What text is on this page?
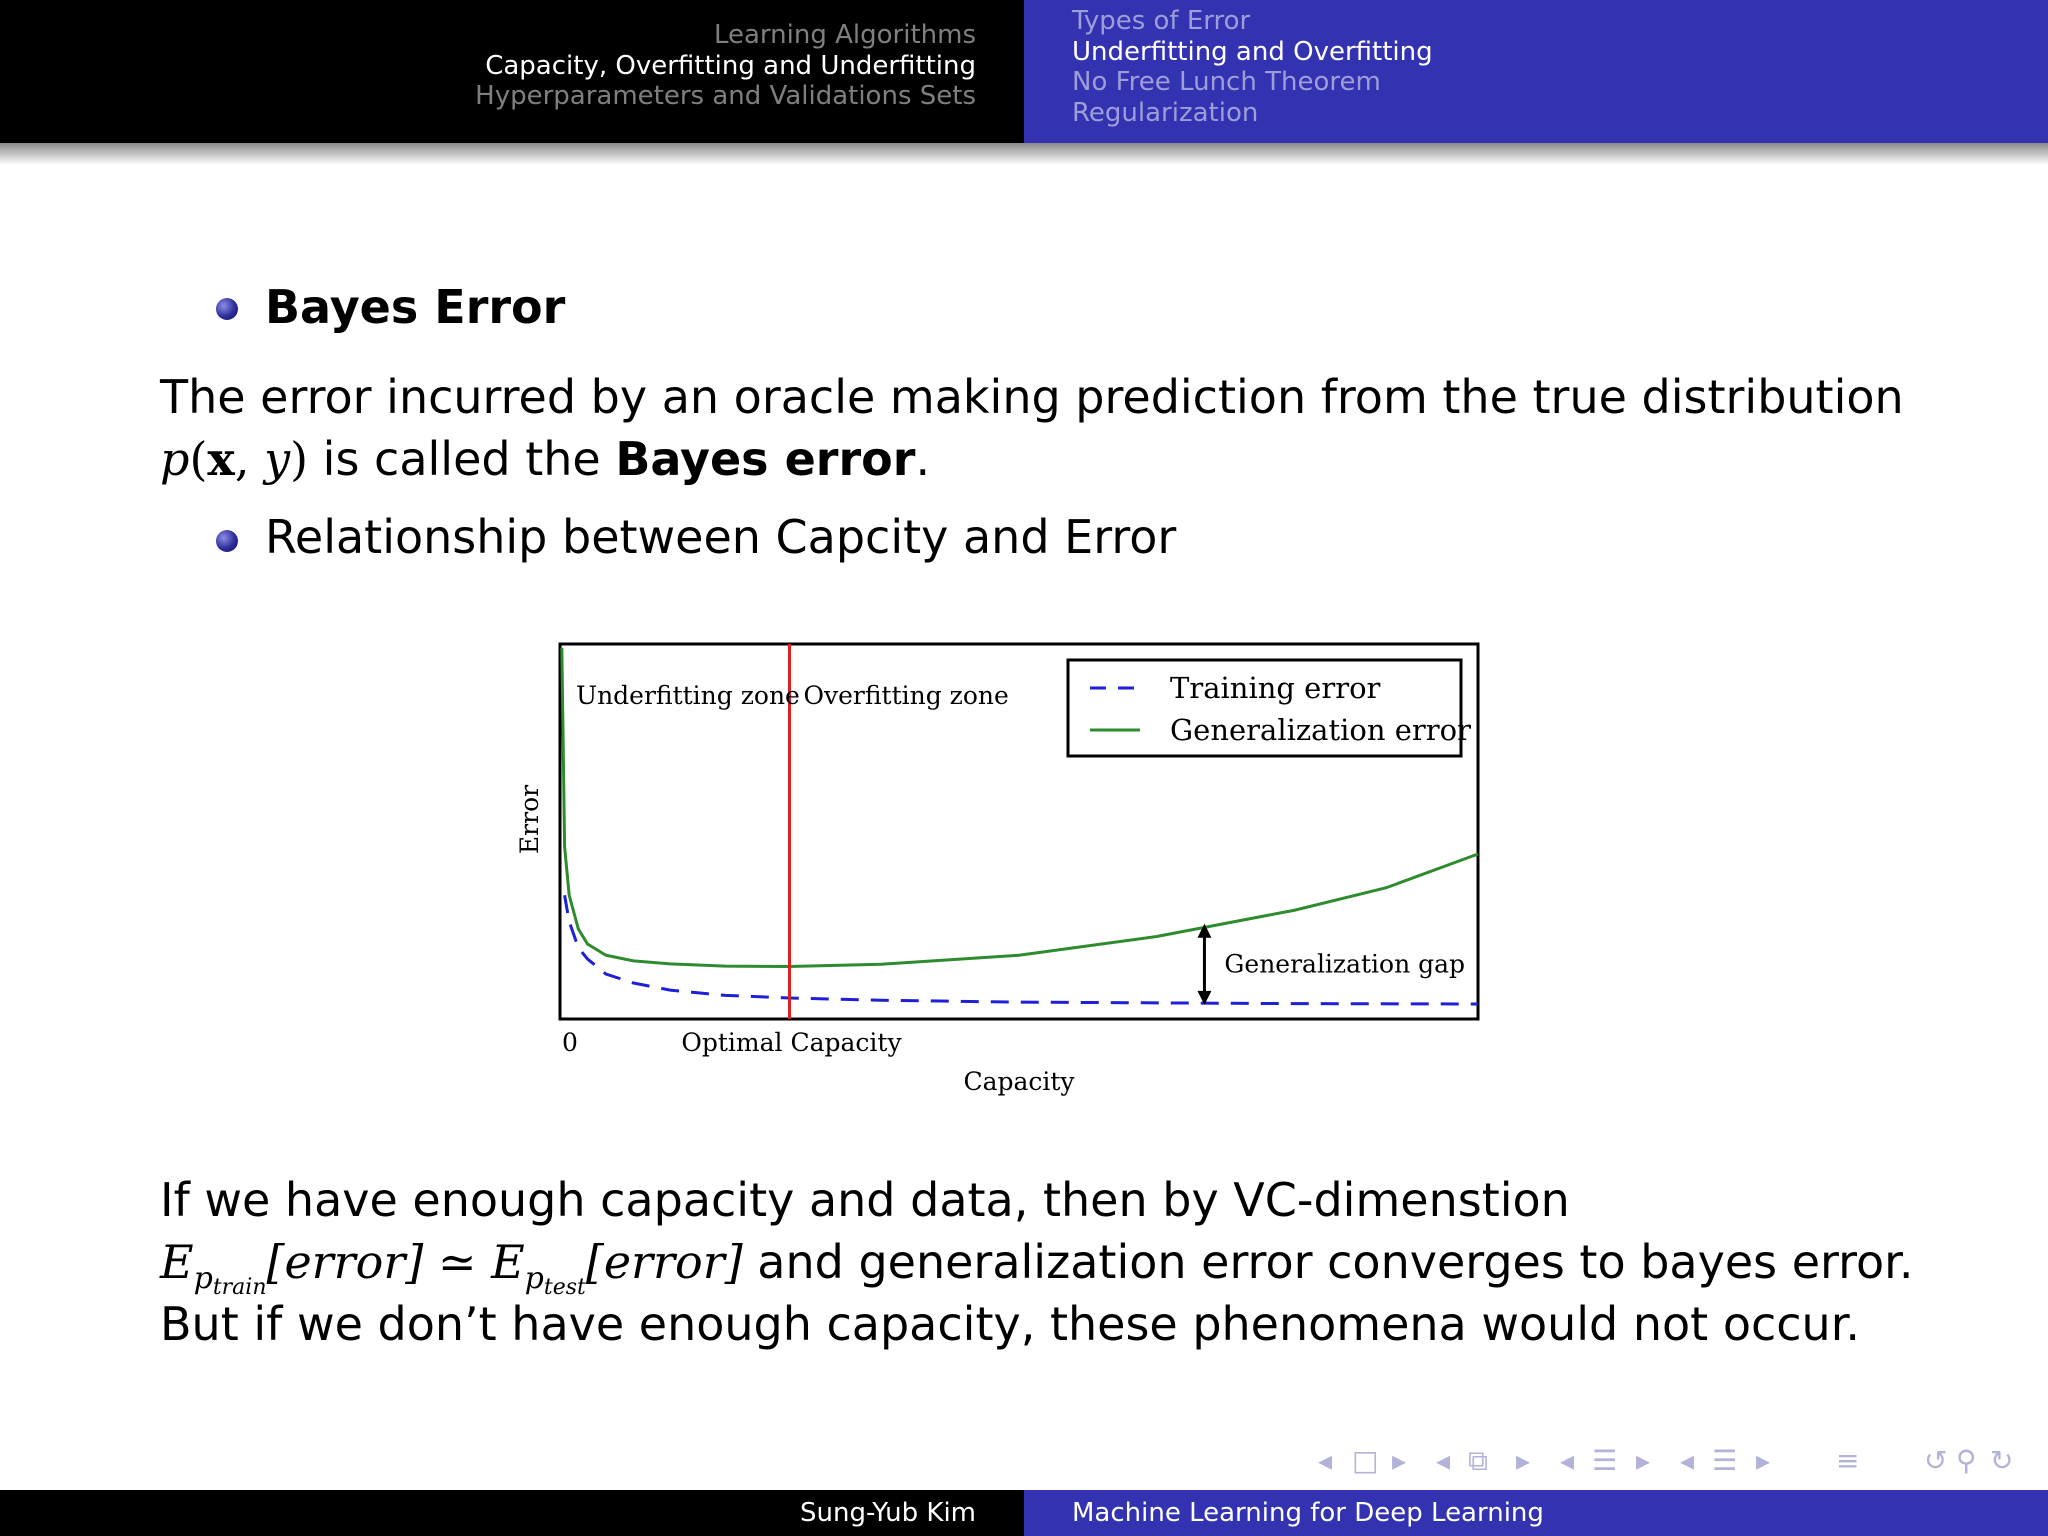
Learning Algorithms
Capacity, Overfitting and Underfitting
Hyperparameters and Validations Sets
Types of Error
Underfitting and Overfitting
No Free Lunch Theorem
Regularization
Bayes Error
The error incurred by an oracle making prediction from the true distribution
p(x, y) is called the Bayes error.
Relationship between Capcity and Error
Underfitting zone Overfitting zone	Training error
Generalization error
Generalization gap
0	Optimal Capacity
Capacity
Error
If we have enough capacity and data, then by VC-dimenstion
$E_{p_{train}}[error]$ ≃ $E_{p_{test}}[error]$ and generalization error converges to bayes error.
But if we don’t have enough capacity, these phenomena would not occur.
◂ □ ▸ ◂ ⧉ ▸ ◂ ☰ ▸ ◂ ☰ ▸ ≡ ↺ ⚲ ↻
Sung-Yub Kim	Machine Learning for Deep Learning
